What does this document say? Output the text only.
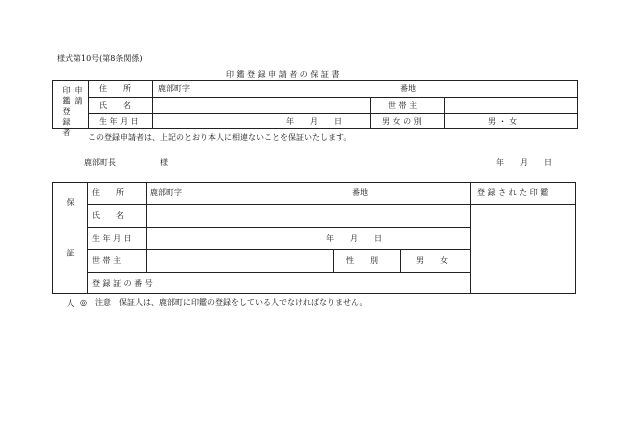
様式第10号(第8条関係)
印 鑑 登 録 申 請 者 の 保 証 書
印 鑑 登 録 者 申 請 住　　所	鹿部町字	番地
氏　　名	世 帯 主
生 年 月 日	年　　月　　日	男 女 の 別	男 ・ 女
この登録申請者は、上記のとおり本人に相違ないことを保証いたします。
鹿部町長	様	年　　月　　日
保 証 人
住　　所	鹿部町字	番地	登 録 さ れ た 印 鑑
氏　　名
生 年 月 日	年　　月　　日
世 帯 主	性　　別	男　　女
登 録 証 の 番 号
◎　注意　保証人は、鹿部町に印鑑の登録をしている人でなければなりません。
